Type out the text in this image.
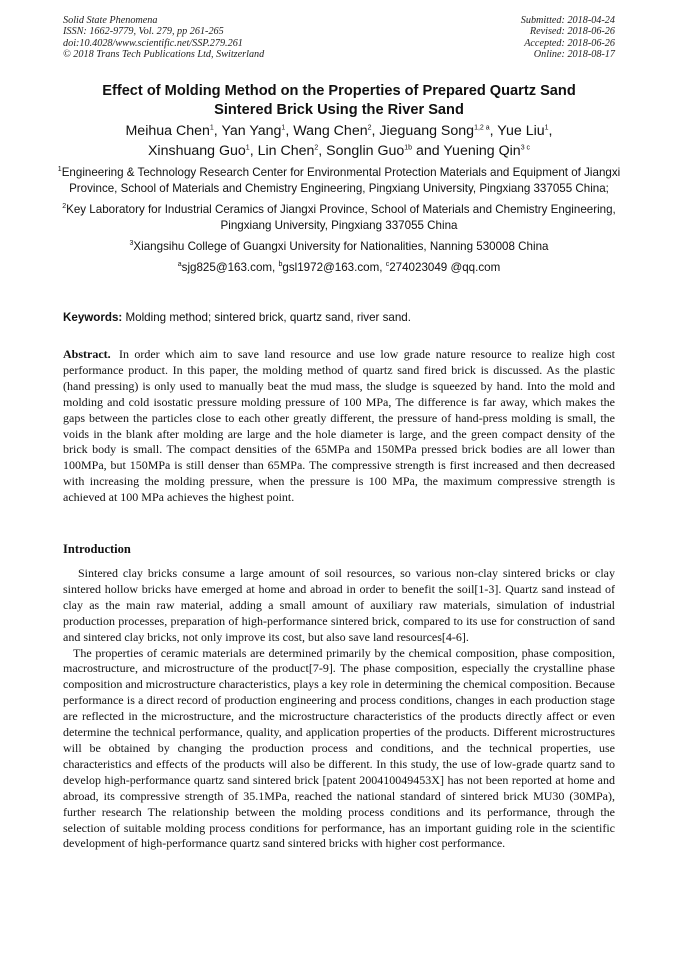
Solid State Phenomena
ISSN: 1662-9779, Vol. 279, pp 261-265
doi:10.4028/www.scientific.net/SSP.279.261
© 2018 Trans Tech Publications Ltd, Switzerland
Submitted: 2018-04-24
Revised: 2018-06-26
Accepted: 2018-06-26
Online: 2018-08-17
Effect of Molding Method on the Properties of Prepared Quartz Sand
Sintered Brick Using the River Sand
Meihua Chen$^1$, Yan Yang$^1$, Wang Chen$^2$, Jieguang Song$^{1,2 a}$, Yue Liu$^1$,
Xinshuang Guo$^1$, Lin Chen$^2$, Songlin Guo$^{1b}$ and Yuening Qin$^{3 c}$
$^1$Engineering & Technology Research Center for Environmental Protection Materials and Equipment of Jiangxi Province, School of Materials and Chemistry Engineering, Pingxiang University, Pingxiang 337055 China;
$^2$Key Laboratory for Industrial Ceramics of Jiangxi Province, School of Materials and Chemistry Engineering, Pingxiang University, Pingxiang 337055 China
$^3$Xiangsihu College of Guangxi University for Nationalities, Nanning 530008 China
$^a$sjg825@163.com, $^b$gsl1972@163.com, $^c$274023049 @qq.com
Keywords: Molding method; sintered brick, quartz sand, river sand.
Abstract. In order which aim to save land resource and use low grade nature resource to realize high cost performance product. In this paper, the molding method of quartz sand fired brick is discussed. As the plastic (hand pressing) is only used to manually beat the mud mass, the sludge is squeezed by hand. Into the mold and molding and cold isostatic pressure molding pressure of 100 MPa, The difference is far away, which makes the gaps between the particles close to each other greatly different, the pressure of hand-press molding is small, the voids in the blank after molding are large and the hole diameter is large, and the green compact density of the brick body is small. The compact densities of the 65MPa and 150MPa pressed brick bodies are all lower than 100MPa, but 150MPa is still denser than 65MPa. The compressive strength is first increased and then decreased with increasing the molding pressure, when the pressure is 100 MPa, the maximum compressive strength is achieved at 100 MPa achieves the highest point.
Introduction

Sintered clay bricks consume a large amount of soil resources, so various non-clay sintered bricks or clay sintered hollow bricks have emerged at home and abroad in order to benefit the soil[1-3]. Quartz sand instead of clay as the main raw material, adding a small amount of auxiliary raw materials, simulation of industrial production processes, preparation of high-performance sintered brick, compared to its use for construction of sand and sintered clay bricks, not only improve its cost, but also save land resources[4-6].

The properties of ceramic materials are determined primarily by the chemical composition, phase composition, macrostructure, and microstructure of the product[7-9]. The phase composition, especially the crystalline phase composition and microstructure characteristics, plays a key role in determining the chemical composition. Because performance is a direct record of production engineering and process conditions, changes in each production stage are reflected in the microstructure, and the microstructure characteristics of the products directly affect or even determine the technical performance, quality, and application properties of the products. Different microstructures will be obtained by changing the production process and conditions, and the technical properties, use characteristics and effects of the products will also be different. In this study, the use of low-grade quartz sand to develop high-performance quartz sand sintered brick [patent 200410049453X] has not been reported at home and abroad, its compressive strength of 35.1MPa, reached the national standard of sintered brick MU30 (30MPa), further research The relationship between the molding process conditions and its performance, through the selection of suitable molding process conditions for performance, has an important guiding role in the scientific development of high-performance quartz sand sintered bricks with higher cost performance.
